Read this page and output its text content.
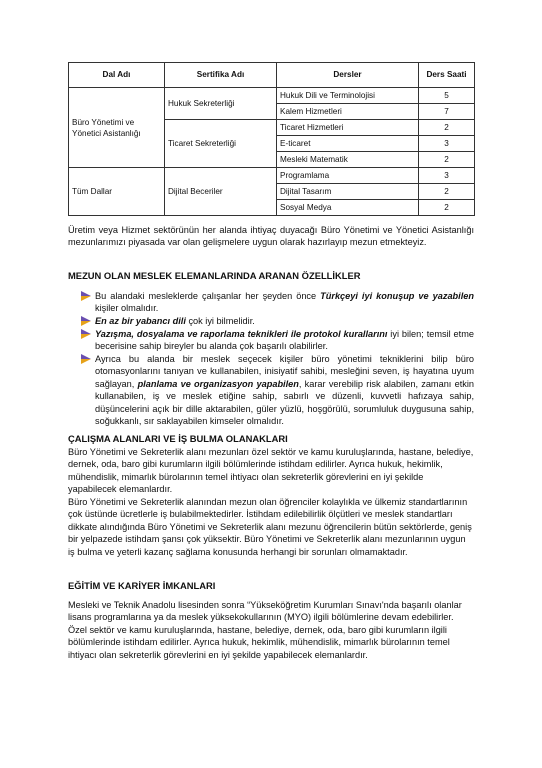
Dal Adı	Sertifika Adı	Dersler	Ders Saati
Büro Yönetimi ve Yönetici Asistanlığı	Hukuk Sekreterliği	Hukuk Dili ve Terminolojisi	5
		Kalem Hizmetleri	7
	Ticaret Sekreterliği	Ticaret Hizmetleri	2
		E-ticaret	3
		Mesleki Matematik	2
Tüm Dallar	Dijital Beceriler	Programlama	3
		Dijital Tasarım	2
		Sosyal Medya	2

Üretim veya Hizmet sektörünün her alanda ihtiyaç duyacağı Büro Yönetimi ve Yönetici Asistanlığı mezunlarımızı piyasada var olan gelişmelere uygun olarak hazırlayıp mezun etmekteyiz.

MEZUN OLAN MESLEK ELEMANLARINDA ARANAN ÖZELLİKLER
Bu alandaki mesleklerde çalışanlar her şeyden önce Türkçeyi iyi konuşup ve yazabilen kişiler olmalıdır.
En az bir yabancı dili çok iyi bilmelidir.
Yazışma, dosyalama ve raporlama teknikleri ile protokol kurallarını iyi bilen; temsil etme becerisine sahip bireyler bu alanda çok başarılı olabilirler.
Ayrıca bu alanda bir meslek seçecek kişiler büro yönetimi tekniklerini bilip büro otomasyonlarını tanıyan ve kullanabilen, inisiyatif sahibi, mesleğini seven, iş hayatına uyum sağlayan, planlama ve organizasyon yapabilen, karar verebilip risk alabilen, zamanı etkin kullanabilen, iş ve meslek etiğine sahip, sabırlı ve düzenli, kuvvetli hafızaya sahip, düşüncelerini açık bir dille aktarabilen, güler yüzlü, hoşgörülü, sorumluluk duygusuna sahip, soğukkanlı, sır saklayabilen kimseler olmalıdır.
ÇALIŞMA ALANLARI VE İŞ BULMA OLANAKLARI

Büro Yönetimi ve Sekreterlik alanı mezunları özel sektör ve kamu kuruluşlarında, hastane, belediye, dernek, oda, baro gibi kurumların ilgili bölümlerinde istihdam edilirler. Ayrıca hukuk, hekimlik, mühendislik, mimarlık bürolarının temel ihtiyacı olan sekreterlik görevlerini en iyi şekilde yapabilecek elemanlardır.

Büro Yönetimi ve Sekreterlik alanından mezun olan öğrenciler kolaylıkla ve ülkemiz standartlarının çok üstünde ücretlerle iş bulabilmektedirler. İstihdam edilebilirlik ölçütleri ve meslek standartları dikkate alındığında Büro Yönetimi ve Sekreterlik alanı mezunu öğrencilerin bütün sektörlerde, geniş bir yelpazede istihdam şansı çok yüksektir. Büro Yönetimi ve Sekreterlik alanı mezunlarının uygun iş bulma ve yeterli kazanç sağlama konusunda herhangi bir sorunları olmamaktadır.

EĞİTİM VE KARİYER İMKANLARI

Mesleki ve Teknik Anadolu lisesinden sonra “Yükseköğretim Kurumları Sınavı'nda başarılı olanlar lisans programlarına ya da meslek yüksekokullarının (MYO) ilgili bölümlerine devam edebilirler. Özel sektör ve kamu kuruluşlarında, hastane, belediye, dernek, oda, baro gibi kurumların ilgili bölümlerinde istihdam edilirler. Ayrıca hukuk, hekimlik, mühendislik, mimarlık bürolarının temel ihtiyacı olan sekreterlik görevlerini en iyi şekilde yapabilecek elemanlardır.
